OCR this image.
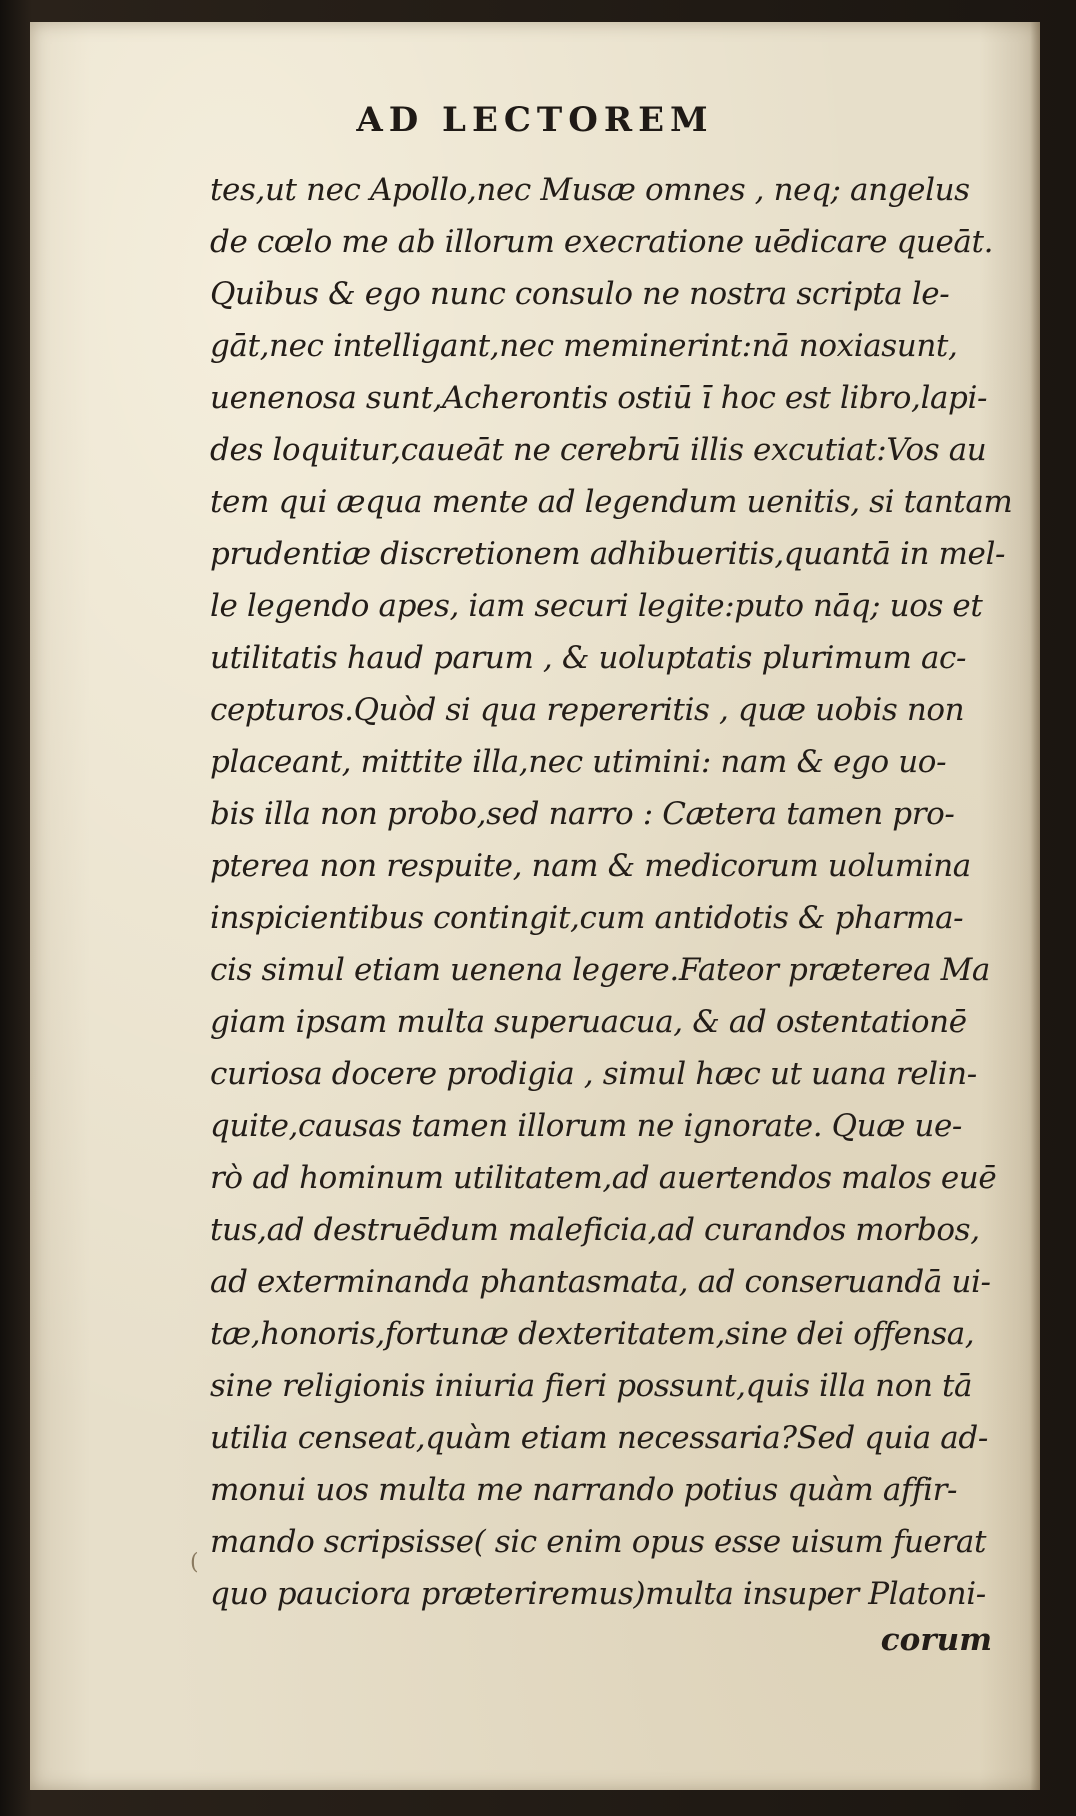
AD LECTOREM
tes,ut nec Apollo,nec Musæ omnes , neq; angelus
de cœlo me ab illorum execratione uēdicare queāt.
Quibus & ego nunc consulo ne nostra scripta le-
gāt,nec intelligant,nec meminerint:nā noxiasunt,
uenenosa sunt,Acherontis ostiū ī hoc est libro,lapi-
des loquitur,caueāt ne cerebrū illis excutiat:Vos au
tem qui æqua mente ad legendum uenitis, si tantam
prudentiæ discretionem adhibueritis,quantā in mel-
le legendo apes, iam securi legite:puto nāq; uos et
utilitatis haud parum , & uoluptatis plurimum ac-
cepturos.Quòd si qua repereritis , quæ uobis non
placeant, mittite illa,nec utimini: nam & ego uo-
bis illa non probo,sed narro : Cætera tamen pro-
pterea non respuite, nam & medicorum uolumina
inspicientibus contingit,cum antidotis & pharma-
cis simul etiam uenena legere.Fateor præterea Ma
giam ipsam multa superuacua, & ad ostentationē
curiosa docere prodigia , simul hæc ut uana relin-
quite,causas tamen illorum ne ignorate. Quæ ue-
rò ad hominum utilitatem,ad auertendos malos euē
tus,ad destruēdum maleficia,ad curandos morbos,
ad exterminanda phantasmata, ad conseruandā ui-
tæ,honoris,fortunæ dexteritatem,sine dei offensa,
sine religionis iniuria fieri possunt,quis illa non tā
utilia censeat,quàm etiam necessaria?Sed quia ad-
monui uos multa me narrando potius quàm affir-
mando scripsisse( sic enim opus esse uisum fuerat
quo pauciora præteriremus)multa insuper Platoni-
(
corum
